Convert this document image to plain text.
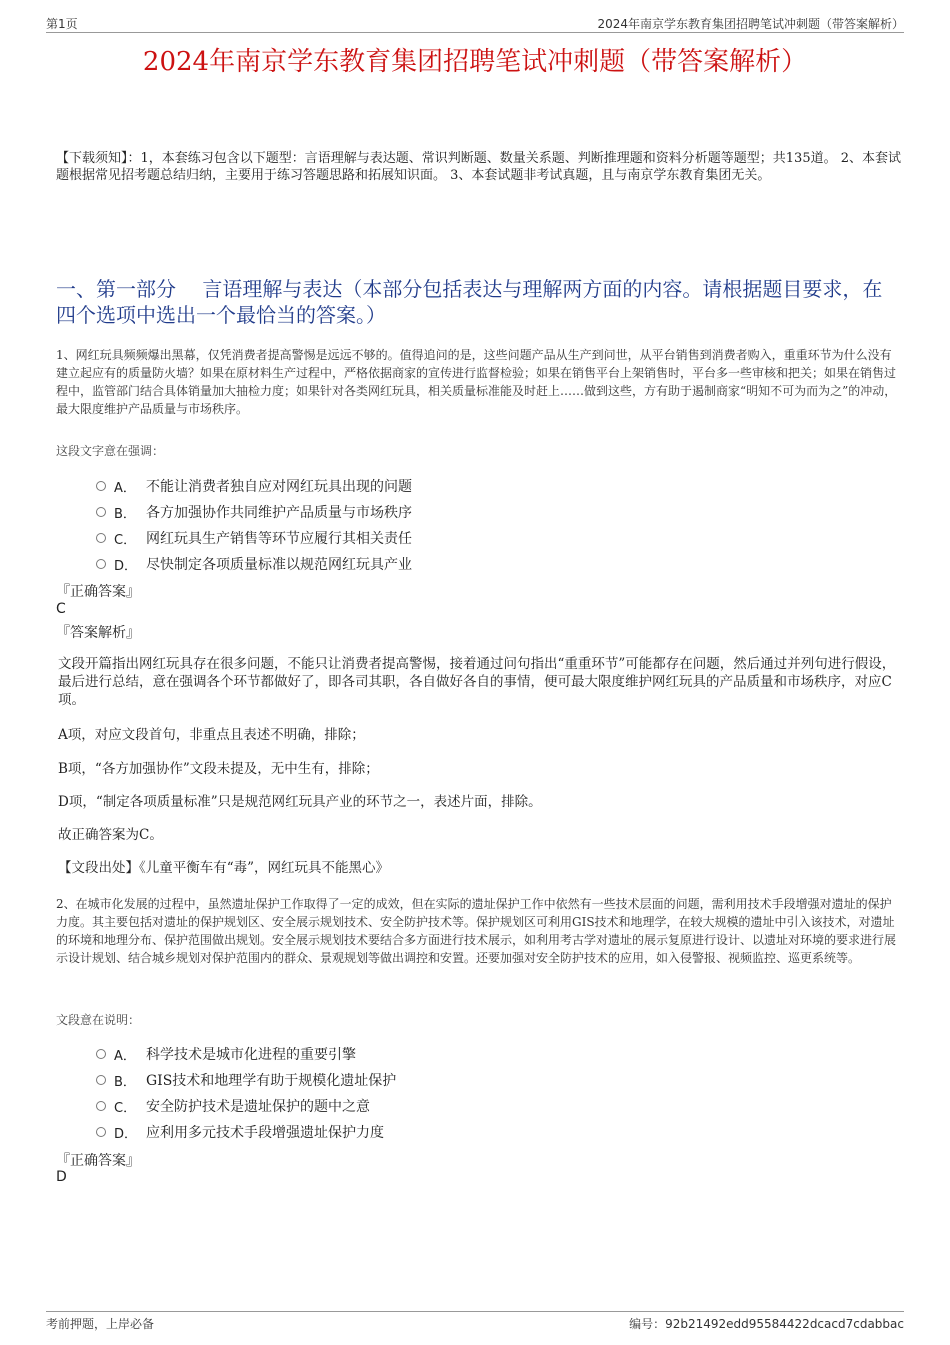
第1页	2024年南京学东教育集团招聘笔试冲刺题（带答案解析）
2024年南京学东教育集团招聘笔试冲刺题（带答案解析）
【下载须知】：1，本套练习包含以下题型：言语理解与表达题、常识判断题、数量关系题、判断推理题和资料分析题等题型；共135道。 2、本套试题根据常见招考题总结归纳，主要用于练习答题思路和拓展知识面。 3、本套试题非考试真题，且与南京学东教育集团无关。
一、第一部分　 言语理解与表达（本部分包括表达与理解两方面的内容。请根据题目要求，在四个选项中选出一个最恰当的答案。）
1、网红玩具频频爆出黑幕，仅凭消费者提高警惕是远远不够的。值得追问的是，这些问题产品从生产到问世，从平台销售到消费者购入，重重环节为什么没有建立起应有的质量防火墙？如果在原材料生产过程中，严格依据商家的宣传进行监督检验；如果在销售平台上架销售时，平台多一些审核和把关；如果在销售过程中，监管部门结合具体销量加大抽检力度；如果针对各类网红玩具，相关质量标准能及时赶上……做到这些，方有助于遏制商家“明知不可为而为之”的冲动，最大限度维护产品质量与市场秩序。
这段文字意在强调：
A． 不能让消费者独自应对网红玩具出现的问题
B． 各方加强协作共同维护产品质量与市场秩序
C． 网红玩具生产销售等环节应履行其相关责任
D． 尽快制定各项质量标准以规范网红玩具产业
『正确答案』
C
『答案解析』
文段开篇指出网红玩具存在很多问题，不能只让消费者提高警惕，接着通过问句指出“重重环节”可能都存在问题，然后通过并列句进行假设，最后进行总结，意在强调各个环节都做好了，即各司其职，各自做好各自的事情，便可最大限度维护网红玩具的产品质量和市场秩序，对应C项。
A项，对应文段首句，非重点且表述不明确，排除；
B项，“各方加强协作”文段未提及，无中生有，排除；
D项，“制定各项质量标准”只是规范网红玩具产业的环节之一，表述片面，排除。
故正确答案为C。
【文段出处】《儿童平衡车有“毒”，网红玩具不能黑心》
2、在城市化发展的过程中，虽然遗址保护工作取得了一定的成效，但在实际的遗址保护工作中依然有一些技术层面的问题，需利用技术手段增强对遗址的保护力度。其主要包括对遗址的保护规划区、安全展示规划技术、安全防护技术等。保护规划区可利用GIS技术和地理学，在较大规模的遗址中引入该技术，对遗址的环境和地理分布、保护范围做出规划。安全展示规划技术要结合多方面进行技术展示，如利用考古学对遗址的展示复原进行设计、以遗址对环境的要求进行展示设计规划、结合城乡规划对保护范围内的群众、景观规划等做出调控和安置。还要加强对安全防护技术的应用，如入侵警报、视频监控、巡更系统等。
文段意在说明：
A． 科学技术是城市化进程的重要引擎
B． GIS技术和地理学有助于规模化遗址保护
C． 安全防护技术是遗址保护的题中之意
D． 应利用多元技术手段增强遗址保护力度
『正确答案』
D
考前押题，上岸必备	编号：92b21492edd95584422dcacd7cdabbac
